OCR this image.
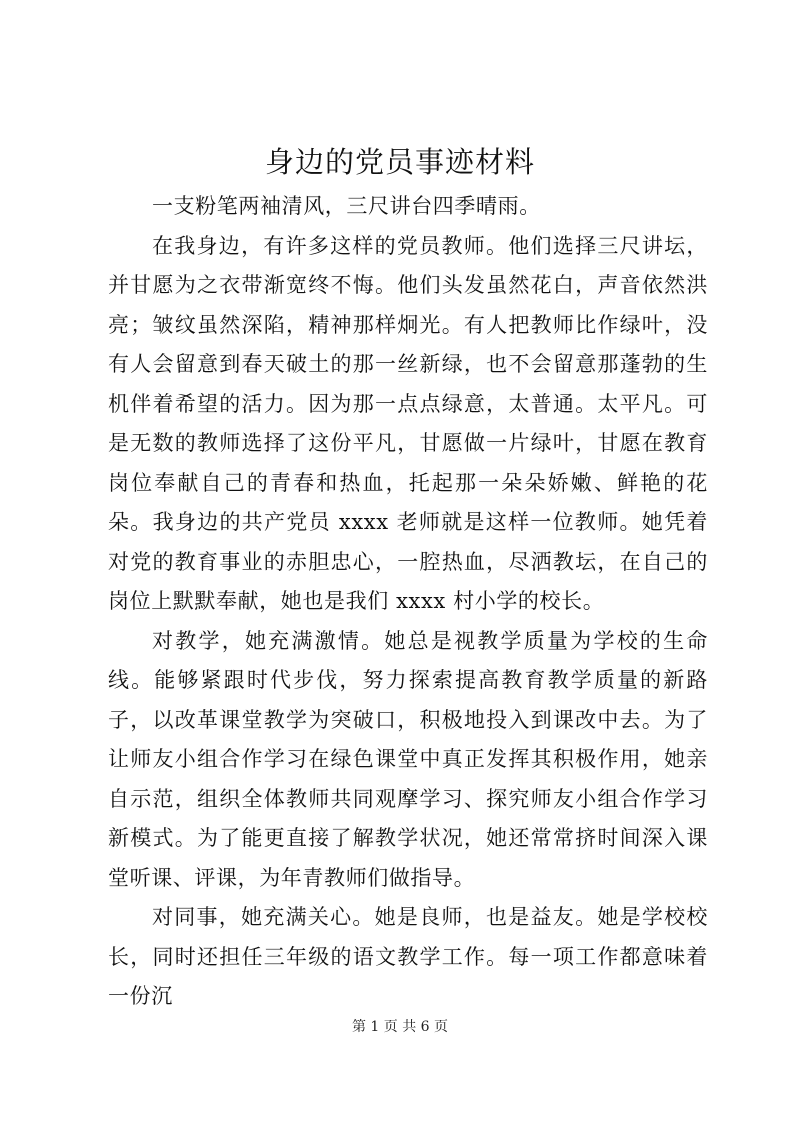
身边的党员事迹材料

一支粉笔两袖清风，三尺讲台四季晴雨。

在我身边，有许多这样的党员教师。他们选择三尺讲坛，并甘愿为之衣带渐宽终不悔。他们头发虽然花白，声音依然洪亮；皱纹虽然深陷，精神那样炯光。有人把教师比作绿叶，没有人会留意到春天破土的那一丝新绿，也不会留意那蓬勃的生机伴着希望的活力。因为那一点点绿意，太普通。太平凡。可是无数的教师选择了这份平凡，甘愿做一片绿叶，甘愿在教育岗位奉献自己的青春和热血，托起那一朵朵娇嫩、鲜艳的花朵。我身边的共产党员 xxxx 老师就是这样一位教师。她凭着对党的教育事业的赤胆忠心，一腔热血，尽洒教坛，在自己的岗位上默默奉献，她也是我们 xxxx 村小学的校长。

对教学，她充满激情。她总是视教学质量为学校的生命线。能够紧跟时代步伐，努力探索提高教育教学质量的新路子，以改革课堂教学为突破口，积极地投入到课改中去。为了让师友小组合作学习在绿色课堂中真正发挥其积极作用，她亲自示范，组织全体教师共同观摩学习、探究师友小组合作学习新模式。为了能更直接了解教学状况，她还常常挤时间深入课堂听课、评课，为年青教师们做指导。

对同事，她充满关心。她是良师，也是益友。她是学校校长，同时还担任三年级的语文教学工作。每一项工作都意味着一份沉

第 1 页 共 6 页
